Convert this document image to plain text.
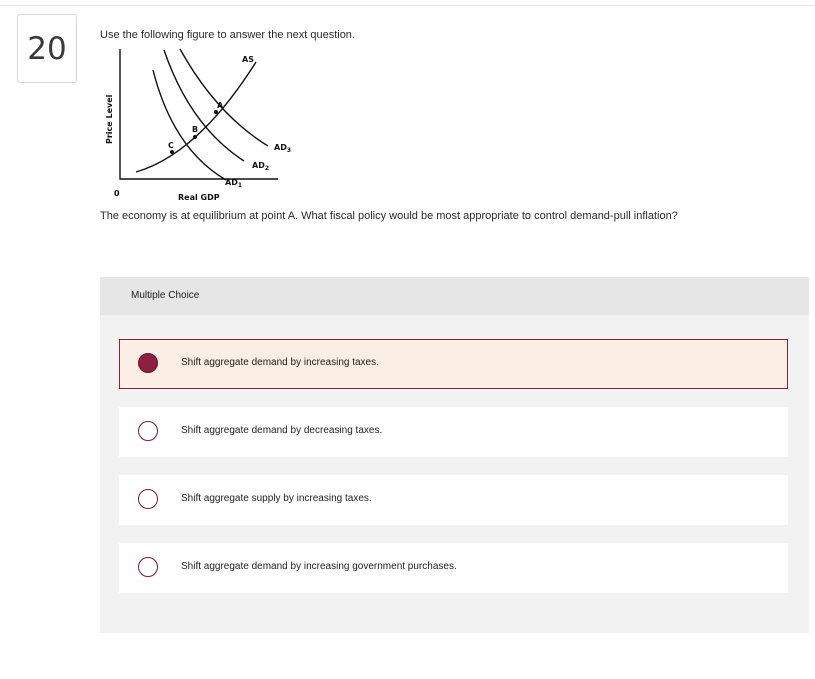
20	Use the following figure to answer the next question.
Price Level
Real GDP
0
AS
$AD_3$
$AD_2$
$AD_1$
A
B
C
The economy is at equilibrium at point A. What fiscal policy would be most appropriate to control demand-pull inflation?
Multiple Choice
Shift aggregate demand by increasing taxes.
Shift aggregate demand by decreasing taxes.
Shift aggregate supply by increasing taxes.
Shift aggregate demand by increasing government purchases.
